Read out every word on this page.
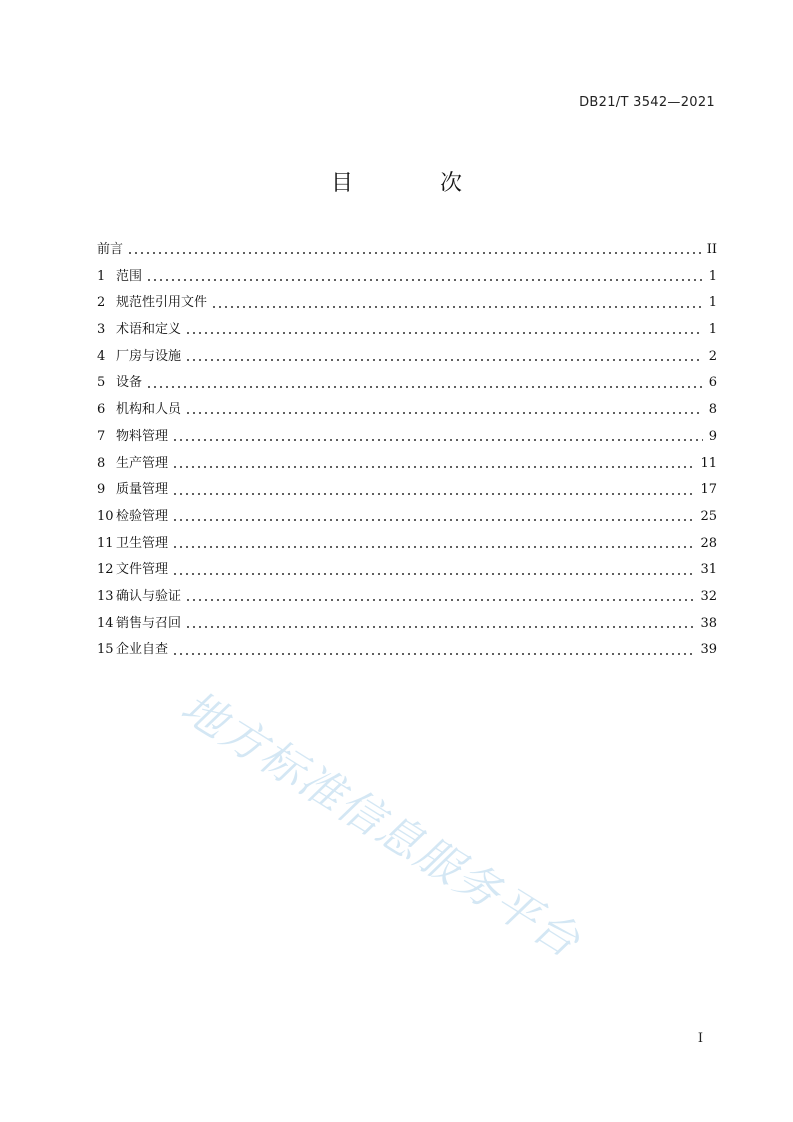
DB21/T 3542—2021
目 次
前言	II
1 范围	1
2 规范性引用文件	1
3 术语和定义	1
4 厂房与设施	2
5 设备	6
6 机构和人员	8
7 物料管理	9
8 生产管理	11
9 质量管理	17
10 检验管理	25
11 卫生管理	28
12 文件管理	31
13 确认与验证	32
14 销售与召回	38
15 企业自查	39
地方标准信息服务平台
I
